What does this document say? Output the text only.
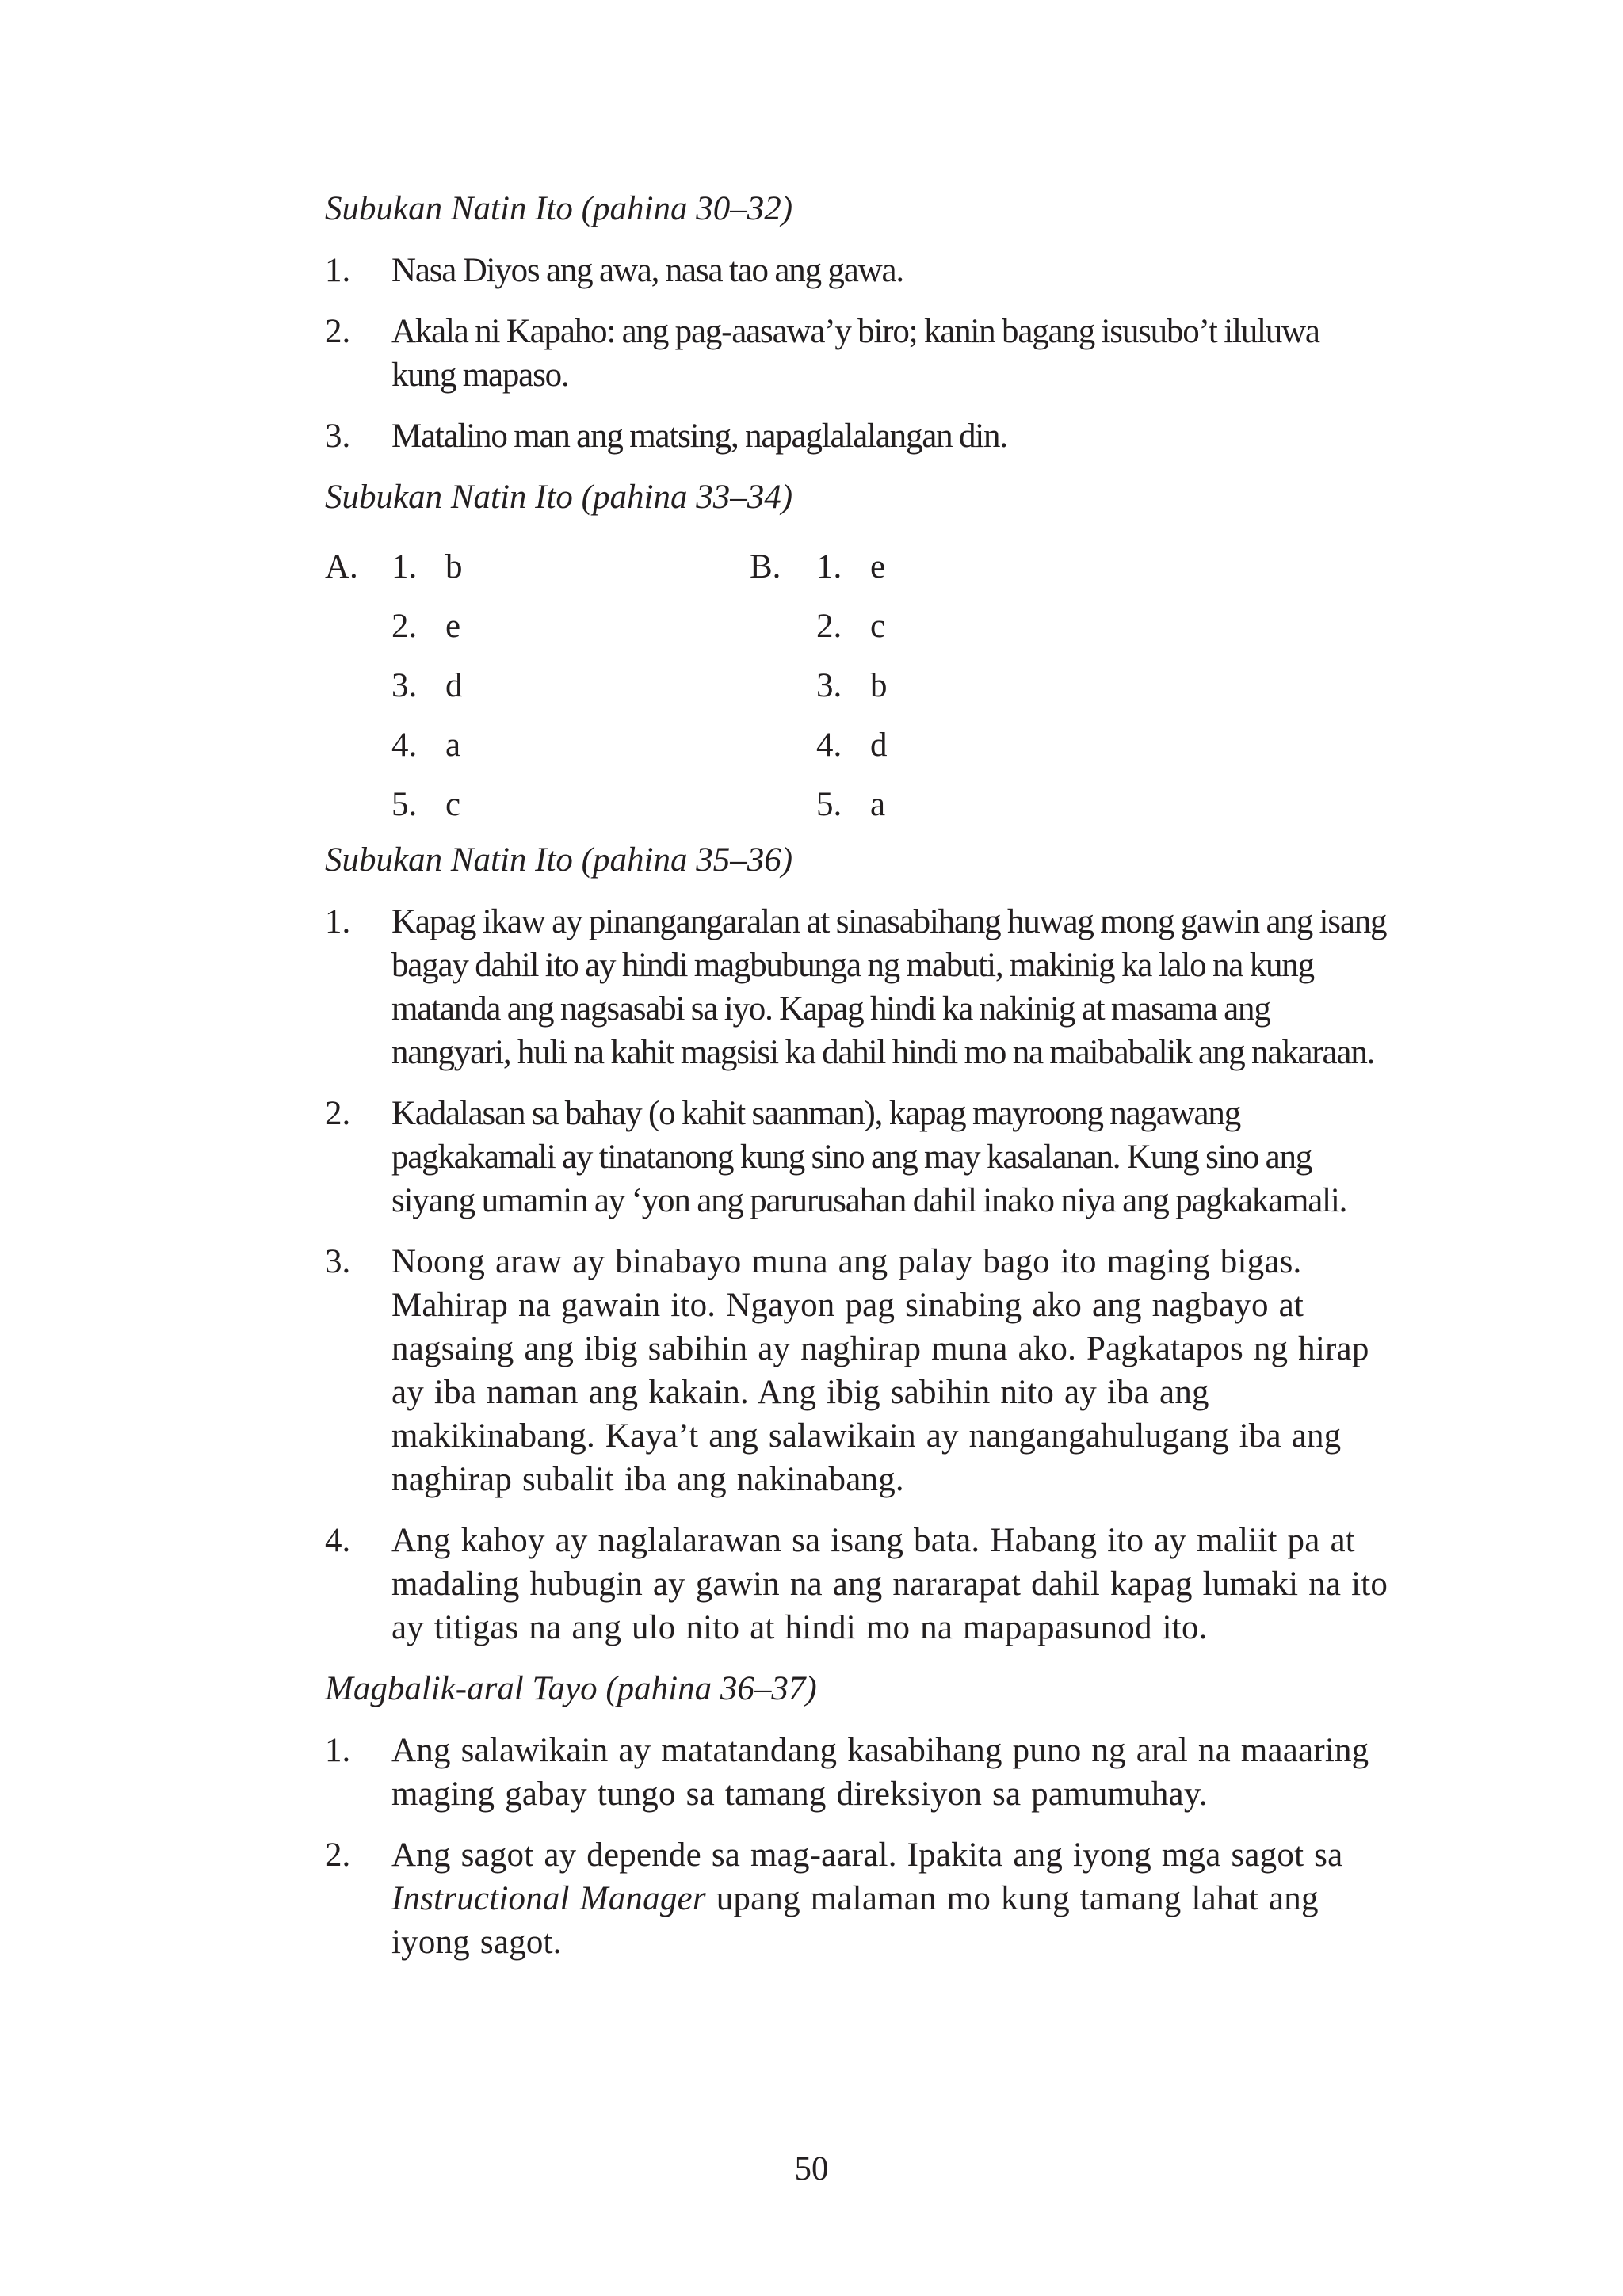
Subukan Natin Ito (pahina 30–32)
1.	Nasa Diyos ang awa, nasa tao ang gawa.
2.	Akala ni Kapaho: ang pag-aasawa’y biro; kanin bagang isusubo’t iluluwa kung mapaso.
3.	Matalino man ang matsing, napaglalalangan din.
Subukan Natin Ito (pahina 33–34)
A. 1. b
2. e
3. d
4. a
5. c
B.	1. e
2. c
3. b
4. d
5. a
Subukan Natin Ito (pahina 35–36)
1.	Kapag ikaw ay pinangangaralan at sinasabihang huwag mong gawin ang isang bagay dahil ito ay hindi magbubunga ng mabuti, makinig ka lalo na kung matanda ang nagsasabi sa iyo. Kapag hindi ka nakinig at masama ang nangyari, huli na kahit magsisi ka dahil hindi mo na maibabalik ang nakaraan.
2.	Kadalasan sa bahay (o kahit saanman), kapag mayroong nagawang pagkakamali ay tinatanong kung sino ang may kasalanan. Kung sino ang siyang umamin ay ‘yon ang parurusahan dahil inako niya ang pagkakamali.
3.	Noong araw ay binabayo muna ang palay bago ito maging bigas. Mahirap na gawain ito. Ngayon pag sinabing ako ang nagbayo at nagsaing ang ibig sabihin ay naghirap muna ako. Pagkatapos ng hirap ay iba naman ang kakain. Ang ibig sabihin nito ay iba ang makikinabang. Kaya’t ang salawikain ay nangangahulugang iba ang naghirap subalit iba ang nakinabang.
4.	Ang kahoy ay naglalarawan sa isang bata. Habang ito ay maliit pa at madaling hubugin ay gawin na ang nararapat dahil kapag lumaki na ito ay titigas na ang ulo nito at hindi mo na mapapasunod ito.
Magbalik-aral Tayo (pahina 36–37)
1.	Ang salawikain ay matatandang kasabihang puno ng aral na maaaring maging gabay tungo sa tamang direksiyon sa pamumuhay.
2.	Ang sagot ay depende sa mag-aaral. Ipakita ang iyong mga sagot sa Instructional Manager upang malaman mo kung tamang lahat ang iyong sagot.
50
